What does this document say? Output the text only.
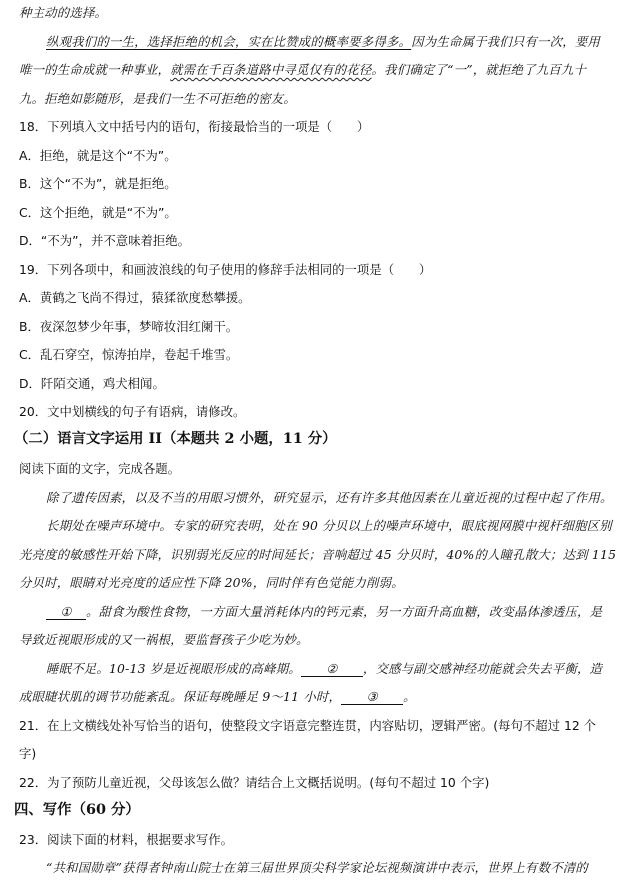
种主动的选择。
纵观我们的一生，选择拒绝的机会，实在比赞成的概率要多得多。因为生命属于我们只有一次，要用
唯一的生命成就一种事业，就需在千百条道路中寻觅仅有的花径。我们确定了“一”，就拒绝了九百九十
九。拒绝如影随形，是我们一生不可拒绝的密友。
18．下列填入文中括号内的语句，衔接最恰当的一项是（　　）
A．拒绝，就是这个“不为”。
B．这个“不为”，就是拒绝。
C．这个拒绝，就是“不为”。
D．“不为”，并不意味着拒绝。
19．下列各项中，和画波浪线的句子使用的修辞手法相同的一项是（　　）
A．黄鹤之飞尚不得过，猿猱欲度愁攀援。
B．夜深忽梦少年事，梦啼妆泪红阑干。
C．乱石穿空，惊涛拍岸，卷起千堆雪。
D．阡陌交通，鸡犬相闻。
20．文中划横线的句子有语病，请修改。
（二）语言文字运用 II（本题共 2 小题，11 分）
阅读下面的文字，完成各题。
除了遗传因素，以及不当的用眼习惯外，研究显示，还有许多其他因素在儿童近视的过程中起了作用。
长期处在噪声环境中。专家的研究表明，处在 90 分贝以上的噪声环境中，眼底视网膜中视杆细胞区别
光亮度的敏感性开始下降，识别弱光反应的时间延长；音响超过 45 分贝时，40%的人瞳孔散大；达到 115
分贝时，眼睛对光亮度的适应性下降 20%，同时伴有色觉能力削弱。
① 。甜食为酸性食物，一方面大量消耗体内的钙元素，另一方面升高血糖，改变晶体渗透压，是
导致近视眼形成的又一祸根，要监督孩子少吃为妙。
睡眠不足。10-13 岁是近视眼形成的高峰期。 ② ，交感与副交感神经功能就会失去平衡，造
成眼睫状肌的调节功能紊乱。保证每晚睡足 9～11 小时， ③ 。
21．在上文横线处补写恰当的语句，使整段文字语意完整连贯，内容贴切，逻辑严密。(每句不超过 12 个
字)
22．为了预防儿童近视，父母该怎么做？请结合上文概括说明。(每句不超过 10 个字)
四、写作（60 分）
23．阅读下面的材料，根据要求写作。
“共和国勋章”获得者钟南山院士在第三届世界顶尖科学家论坛视频演讲中表示，世界上有数不清的
